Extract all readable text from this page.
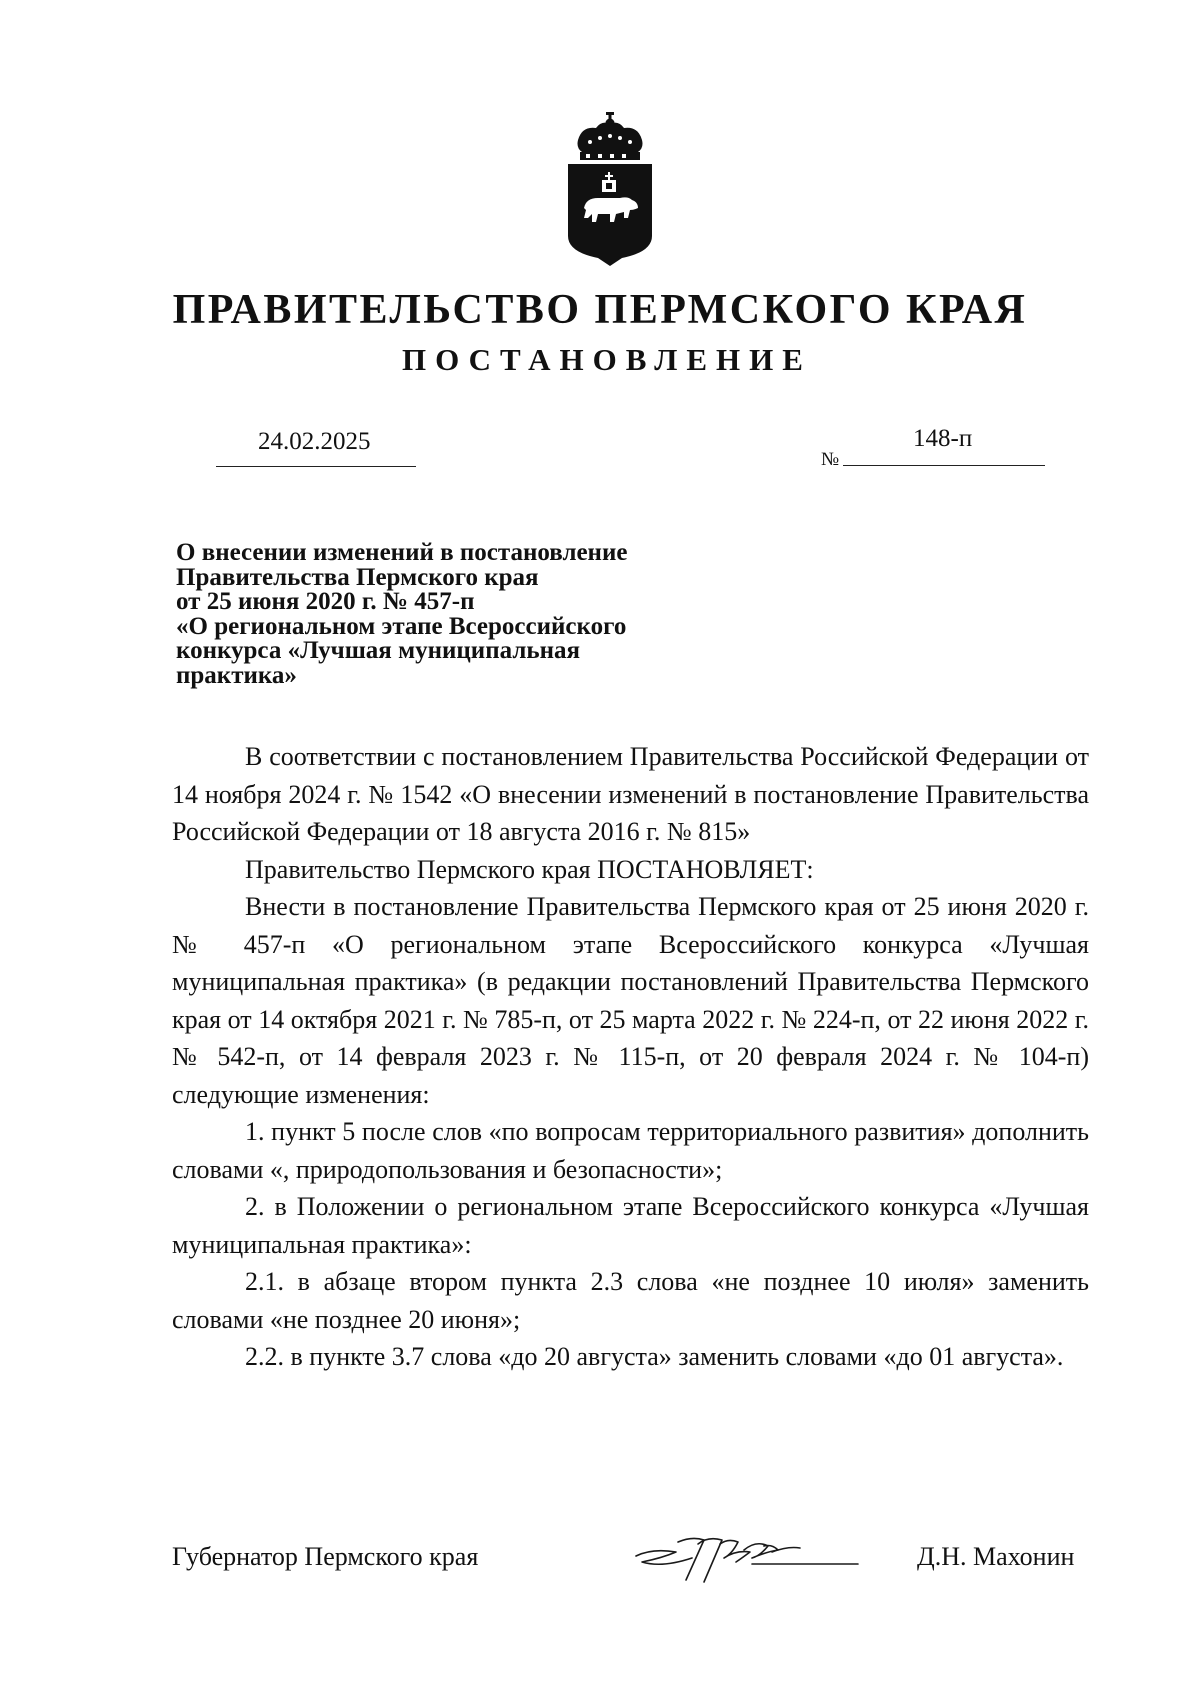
ПРАВИТЕЛЬСТВО ПЕРМСКОГО КРАЯ
ПОСТАНОВЛЕНИЕ
24.02.2025
№
148-п
О внесении изменений в постановление
Правительства Пермского края
от 25 июня 2020 г. № 457-п
«О региональном этапе Всероссийского
конкурса «Лучшая муниципальная
практика»

В соответствии с постановлением Правительства Российской Федерации от 14 ноября 2024 г. № 1542 «О внесении изменений в постановление Правительства Российской Федерации от 18 августа 2016 г. № 815»

Правительство Пермского края ПОСТАНОВЛЯЕТ:

Внести в постановление Правительства Пермского края от 25 июня 2020 г. № 457-п «О региональном этапе Всероссийского конкурса «Лучшая муниципальная практика» (в редакции постановлений Правительства Пермского края от 14 октября 2021 г. № 785-п, от 25 марта 2022 г. № 224-п, от 22 июня 2022 г. № 542-п, от 14 февраля 2023 г. № 115-п, от 20 февраля 2024 г. № 104-п) следующие изменения:

1. пункт 5 после слов «по вопросам территориального развития» дополнить словами «, природопользования и безопасности»;

2. в Положении о региональном этапе Всероссийского конкурса «Лучшая муниципальная практика»:

2.1. в абзаце втором пункта 2.3 слова «не позднее 10 июля» заменить словами «не позднее 20 июня»;

2.2. в пункте 3.7 слова «до 20 августа» заменить словами «до 01 августа».

Губернатор Пермского края	Д.Н. Махонин
